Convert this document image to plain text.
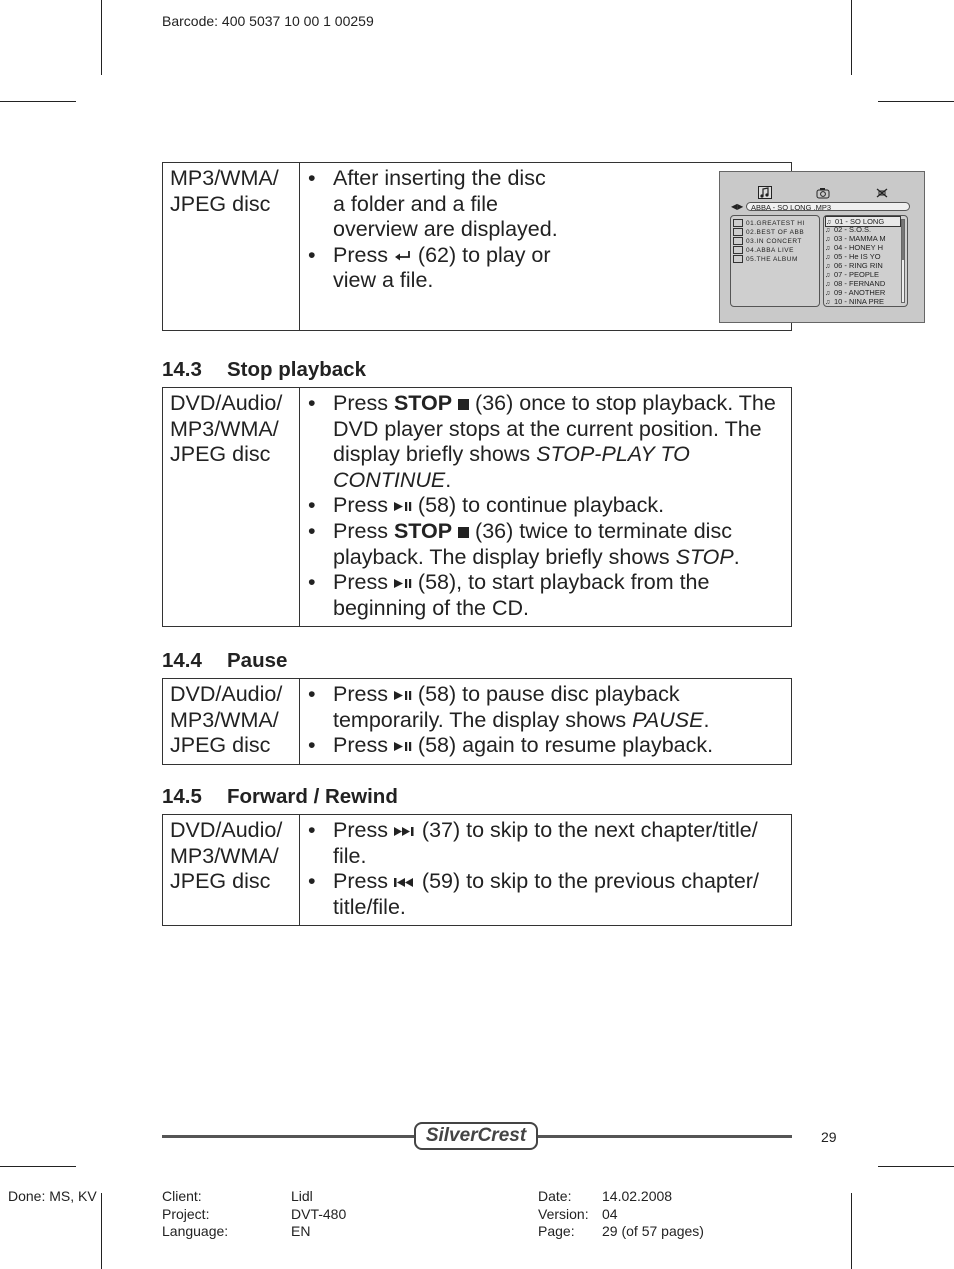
Barcode: 400 5037 10 00 1 00259
MP3/WMA/
JPEG disc

• After inserting the disc a folder and a file overview are displayed.
• Press
(62) to play or view a file.
◀▶	ABBA - SO LONG .MP3
01.GREATEST HI
02.BEST OF ABB
03.IN CONCERT
04.ABBA LIVE
05.THE ALBUM
♫ 01 - SO LONG
♫ 02 - S.O.S.
♫ 03 - MAMMA M
♫ 04 - HONEY H
♫ 05 - He IS YO
♫ 06 - RING RIN
♫ 07 - PEOPLE
♫ 08 - FERNAND
♫ 09 - ANOTHER
♫ 10 - NINA PRE
14.3 Stop playback
DVD/Audio/
MP3/WMA/
JPEG disc

• Press STOP
(36) once to stop playback. The DVD player stops at the current position. The display briefly shows STOP-PLAY TO CONTINUE.
• Press
(58) to continue playback.
• Press STOP
(36) twice to terminate disc playback. The display briefly shows STOP.
• Press
(58), to start playback from the beginning of the CD.
14.4 Pause
DVD/Audio/
MP3/WMA/
JPEG disc

• Press
(58) to pause disc playback temporarily. The display shows PAUSE.
• Press
(58) again to resume playback.
14.5 Forward / Rewind
DVD/Audio/
MP3/WMA/
JPEG disc

• Press
(37) to skip to the next chapter/title/ file.
• Press
(59) to skip to the previous chapter/ title/file.
SilverCrest	29
Done: MS, KV	Client:	Lidl
Project:	DVT-480
Language:	EN
Date: 14.02.2008
Version: 04
Page: 29 (of 57 pages)
